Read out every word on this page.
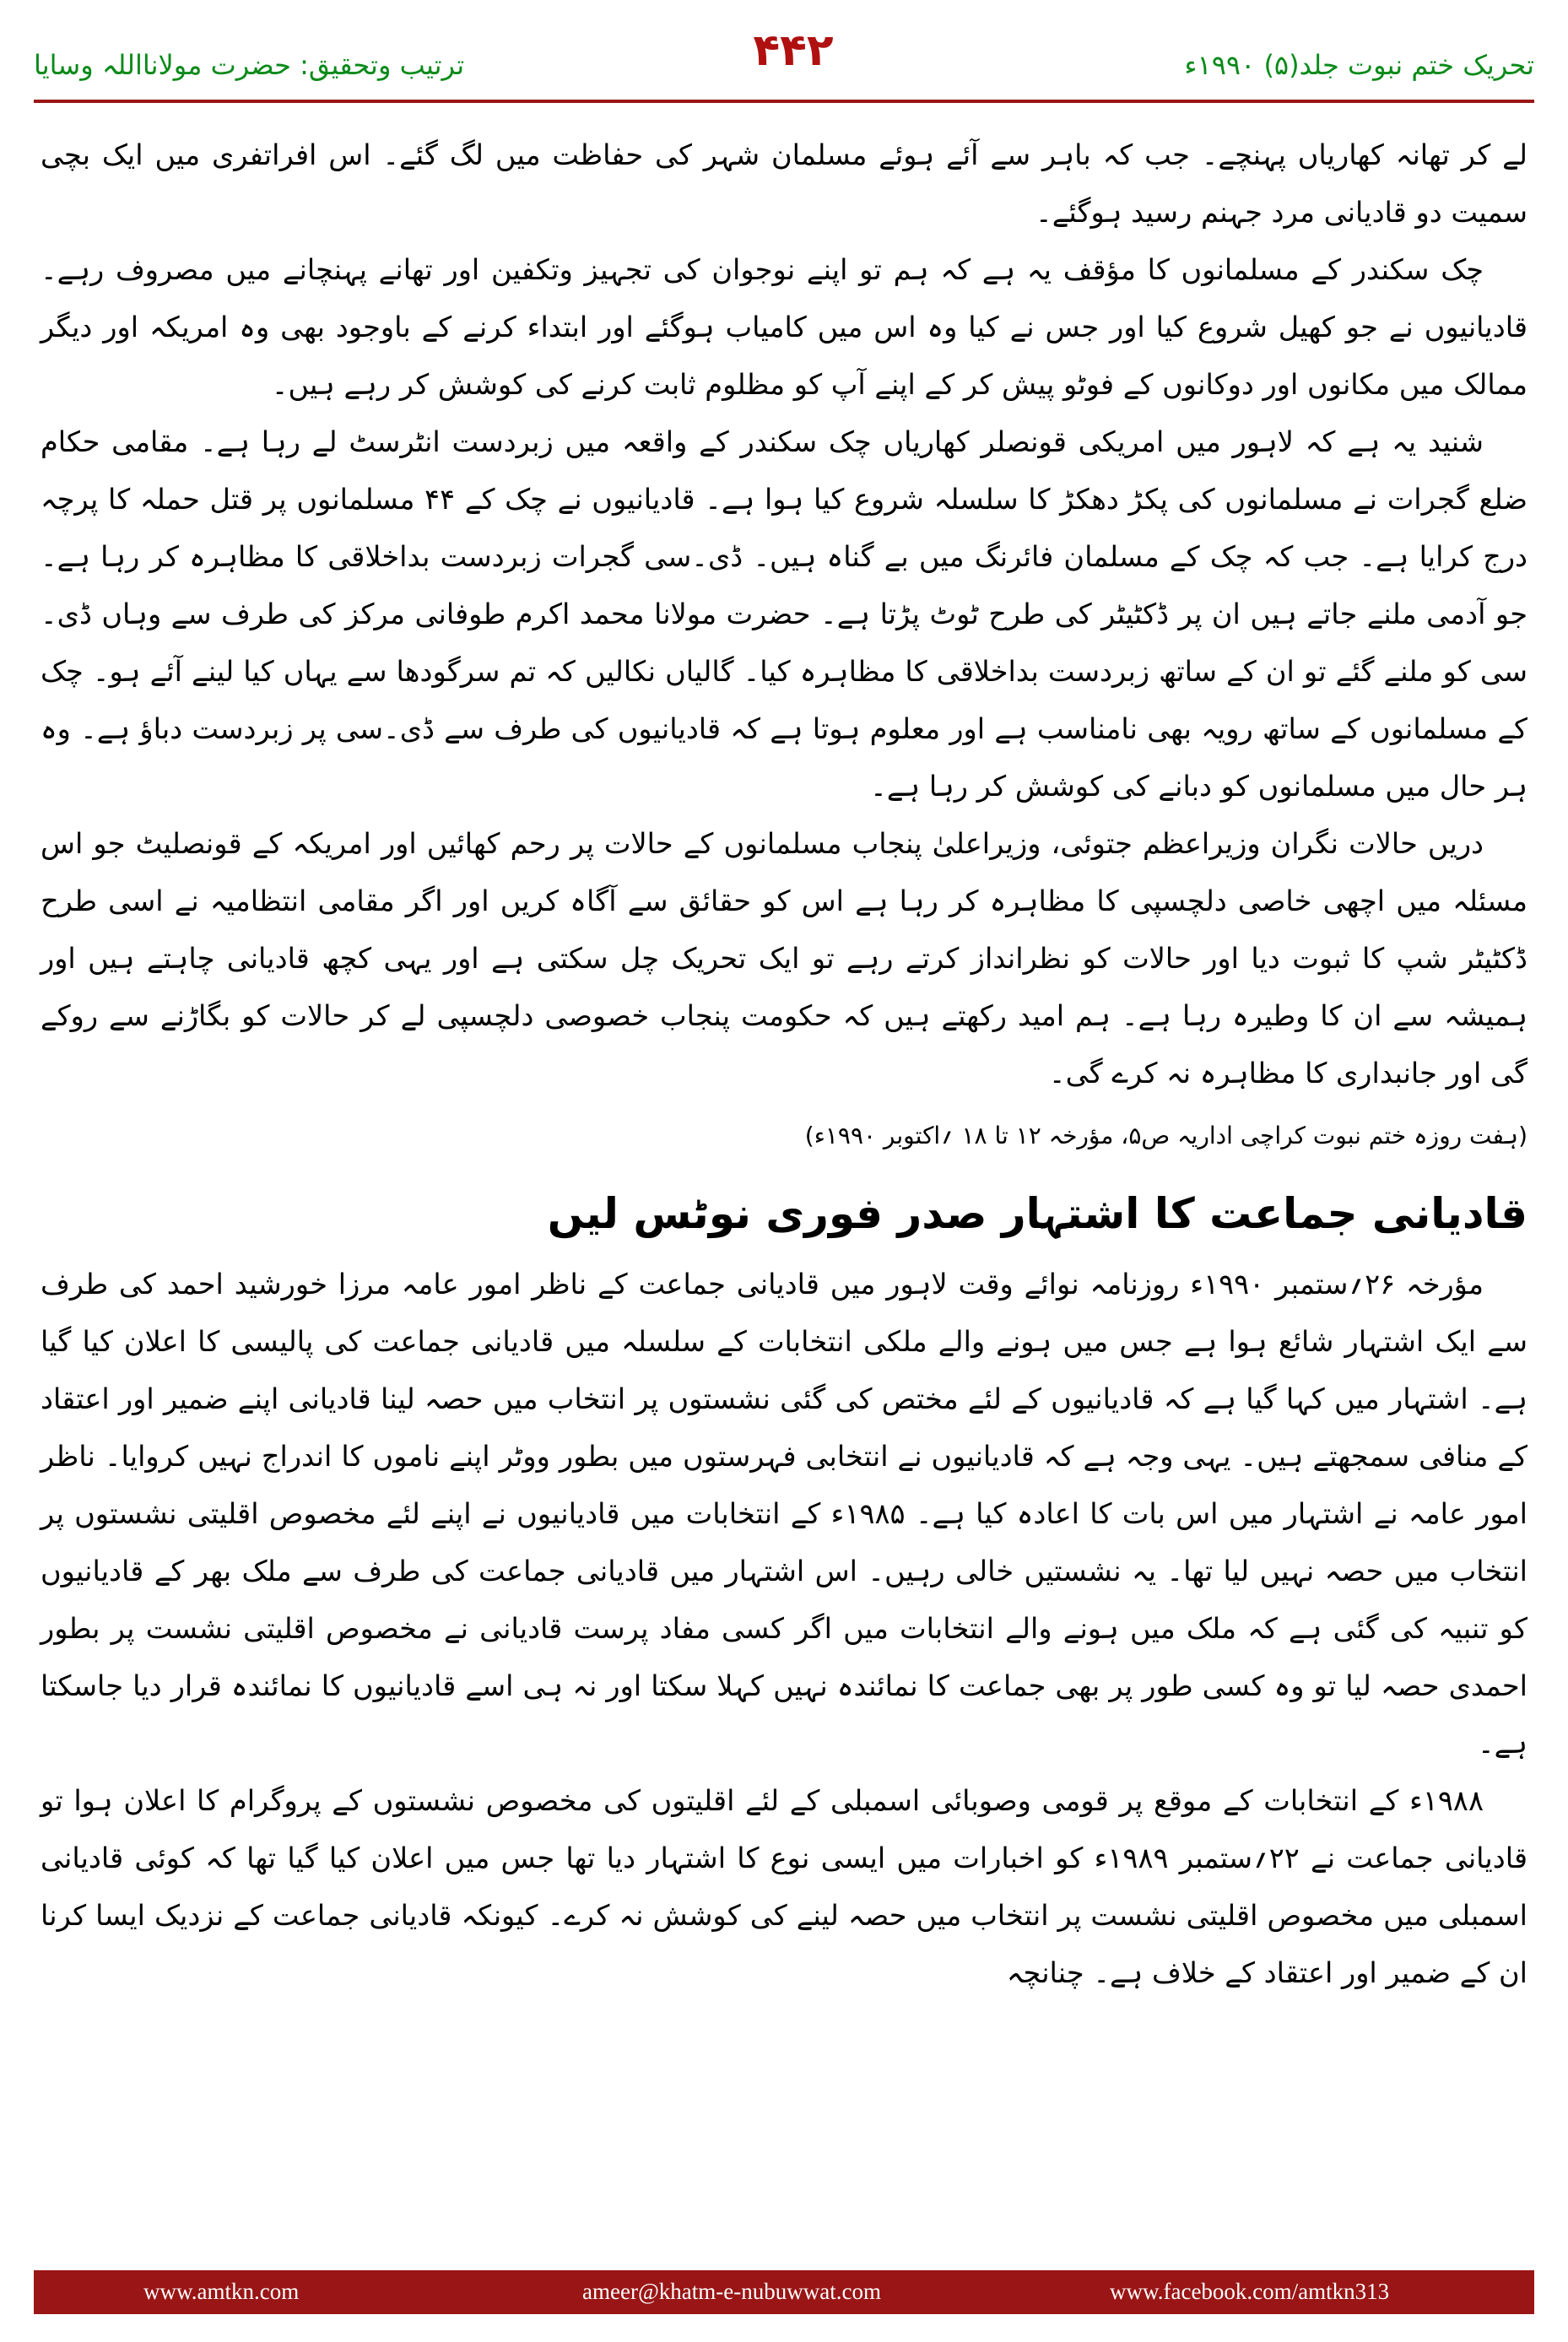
ترتیب وتحقیق: حضرت مولانااللہ وسایا	۴۴۲	تحریک ختم نبوت جلد(۵) ۱۹۹۰ء

لے کر تھانہ کھاریاں پہنچے۔ جب کہ باہر سے آئے ہوئے مسلمان شہر کی حفاظت میں لگ گئے۔ اس افراتفری میں ایک بچی سمیت دو قادیانی مرد جہنم رسید ہوگئے۔

چک سکندر کے مسلمانوں کا مؤقف یہ ہے کہ ہم تو اپنے نوجوان کی تجہیز وتکفین اور تھانے پہنچانے میں مصروف رہے۔ قادیانیوں نے جو کھیل شروع کیا اور جس نے کیا وہ اس میں کامیاب ہوگئے اور ابتداء کرنے کے باوجود بھی وہ امریکہ اور دیگر ممالک میں مکانوں اور دوکانوں کے فوٹو پیش کر کے اپنے آپ کو مظلوم ثابت کرنے کی کوشش کر رہے ہیں۔

شنید یہ ہے کہ لاہور میں امریکی قونصلر کھاریاں چک سکندر کے واقعہ میں زبردست انٹرسٹ لے رہا ہے۔ مقامی حکام ضلع گجرات نے مسلمانوں کی پکڑ دھکڑ کا سلسلہ شروع کیا ہوا ہے۔ قادیانیوں نے چک کے ۴۴ مسلمانوں پر قتل حملہ کا پرچہ درج کرایا ہے۔ جب کہ چک کے مسلمان فائرنگ میں بے گناہ ہیں۔ ڈی۔سی گجرات زبردست بداخلاقی کا مظاہرہ کر رہا ہے۔ جو آدمی ملنے جاتے ہیں ان پر ڈکٹیٹر کی طرح ٹوٹ پڑتا ہے۔ حضرت مولانا محمد اکرم طوفانی مرکز کی طرف سے وہاں ڈی۔سی کو ملنے گئے تو ان کے ساتھ زبردست بداخلاقی کا مظاہرہ کیا۔ گالیاں نکالیں کہ تم سرگودھا سے یہاں کیا لینے آئے ہو۔ چک کے مسلمانوں کے ساتھ رویہ بھی نامناسب ہے اور معلوم ہوتا ہے کہ قادیانیوں کی طرف سے ڈی۔سی پر زبردست دباؤ ہے۔ وہ ہر حال میں مسلمانوں کو دبانے کی کوشش کر رہا ہے۔

دریں حالات نگران وزیراعظم جتوئی، وزیراعلیٰ پنجاب مسلمانوں کے حالات پر رحم کھائیں اور امریکہ کے قونصلیٹ جو اس مسئلہ میں اچھی خاصی دلچسپی کا مظاہرہ کر رہا ہے اس کو حقائق سے آگاہ کریں اور اگر مقامی انتظامیہ نے اسی طرح ڈکٹیٹر شپ کا ثبوت دیا اور حالات کو نظرانداز کرتے رہے تو ایک تحریک چل سکتی ہے اور یہی کچھ قادیانی چاہتے ہیں اور ہمیشہ سے ان کا وطیرہ رہا ہے۔ ہم امید رکھتے ہیں کہ حکومت پنجاب خصوصی دلچسپی لے کر حالات کو بگاڑنے سے روکے گی اور جانبداری کا مظاہرہ نہ کرے گی۔

(ہفت روزہ ختم نبوت کراچی اداریہ ص۵، مؤرخہ ۱۲ تا ۱۸ ؍اکتوبر ۱۹۹۰ء)

قادیانی جماعت کا اشتہار صدر فوری نوٹس لیں

مؤرخہ ۲۶؍ستمبر ۱۹۹۰ء روزنامہ نوائے وقت لاہور میں قادیانی جماعت کے ناظر امور عامہ مرزا خورشید احمد کی طرف سے ایک اشتہار شائع ہوا ہے جس میں ہونے والے ملکی انتخابات کے سلسلہ میں قادیانی جماعت کی پالیسی کا اعلان کیا گیا ہے۔ اشتہار میں کہا گیا ہے کہ قادیانیوں کے لئے مختص کی گئی نشستوں پر انتخاب میں حصہ لینا قادیانی اپنے ضمیر اور اعتقاد کے منافی سمجھتے ہیں۔ یہی وجہ ہے کہ قادیانیوں نے انتخابی فہرستوں میں بطور ووٹر اپنے ناموں کا اندراج نہیں کروایا۔ ناظر امور عامہ نے اشتہار میں اس بات کا اعادہ کیا ہے۔ ۱۹۸۵ء کے انتخابات میں قادیانیوں نے اپنے لئے مخصوص اقلیتی نشستوں پر انتخاب میں حصہ نہیں لیا تھا۔ یہ نشستیں خالی رہیں۔ اس اشتہار میں قادیانی جماعت کی طرف سے ملک بھر کے قادیانیوں کو تنبیہ کی گئی ہے کہ ملک میں ہونے والے انتخابات میں اگر کسی مفاد پرست قادیانی نے مخصوص اقلیتی نشست پر بطور احمدی حصہ لیا تو وہ کسی طور پر بھی جماعت کا نمائندہ نہیں کہلا سکتا اور نہ ہی اسے قادیانیوں کا نمائندہ قرار دیا جاسکتا ہے۔

۱۹۸۸ء کے انتخابات کے موقع پر قومی وصوبائی اسمبلی کے لئے اقلیتوں کی مخصوص نشستوں کے پروگرام کا اعلان ہوا تو قادیانی جماعت نے ۲۲؍ستمبر ۱۹۸۹ء کو اخبارات میں ایسی نوع کا اشتہار دیا تھا جس میں اعلان کیا گیا تھا کہ کوئی قادیانی اسمبلی میں مخصوص اقلیتی نشست پر انتخاب میں حصہ لینے کی کوشش نہ کرے۔ کیونکہ قادیانی جماعت کے نزدیک ایسا کرنا ان کے ضمیر اور اعتقاد کے خلاف ہے۔ چنانچہ

www.amtkn.com	ameer@khatm-e-nubuwwat.com	www.facebook.com/amtkn313
